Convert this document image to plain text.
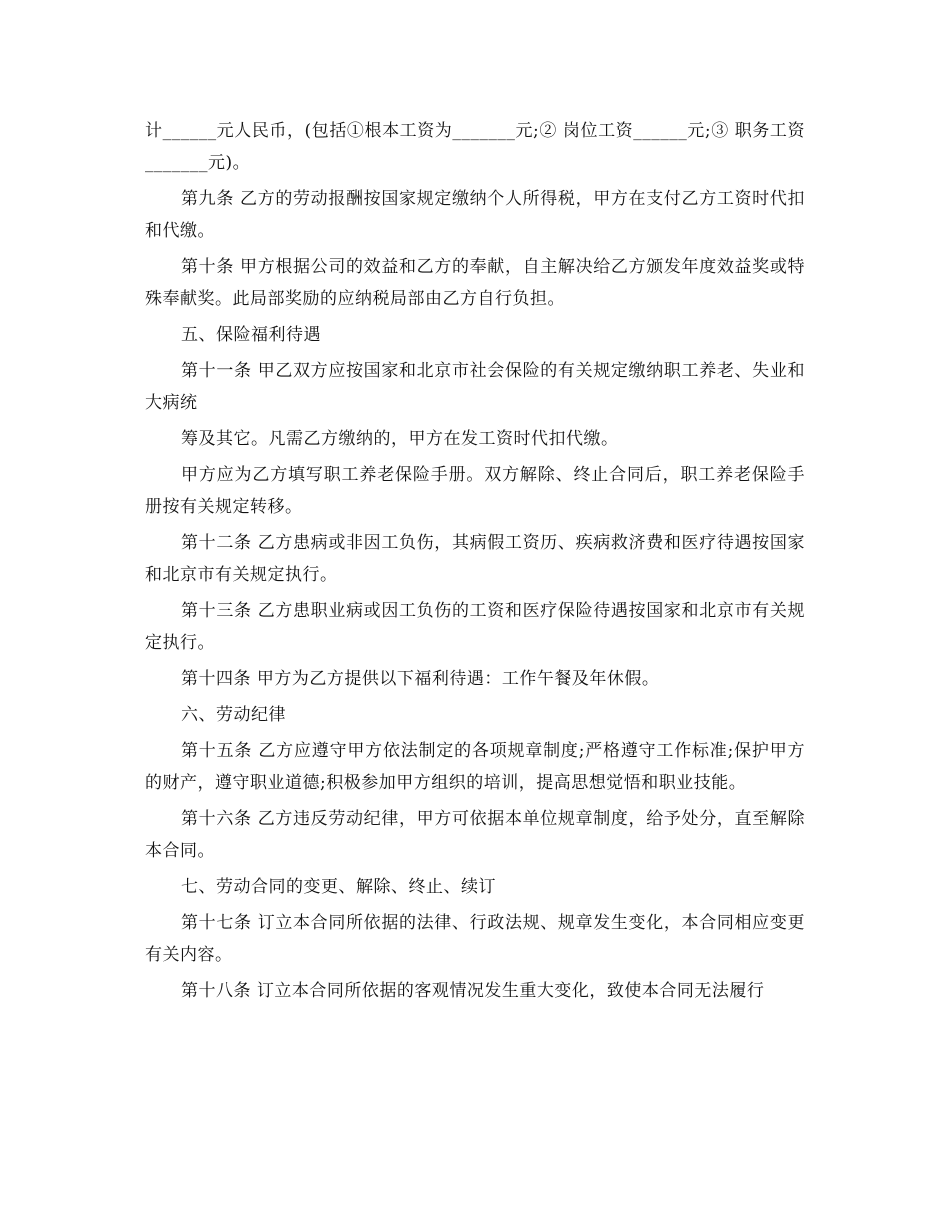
计______元人民币，(包括①根本工资为_______元;② 岗位工资______元;③ 职务工资_______元)。

第九条 乙方的劳动报酬按国家规定缴纳个人所得税，甲方在支付乙方工资时代扣和代缴。

第十条 甲方根据公司的效益和乙方的奉献，自主解决给乙方颁发年度效益奖或特殊奉献奖。此局部奖励的应纳税局部由乙方自行负担。

五、保险福利待遇

第十一条 甲乙双方应按国家和北京市社会保险的有关规定缴纳职工养老、失业和大病统

筹及其它。凡需乙方缴纳的，甲方在发工资时代扣代缴。

甲方应为乙方填写职工养老保险手册。双方解除、终止合同后，职工养老保险手册按有关规定转移。

第十二条 乙方患病或非因工负伤，其病假工资历、疾病救济费和医疗待遇按国家和北京市有关规定执行。

第十三条 乙方患职业病或因工负伤的工资和医疗保险待遇按国家和北京市有关规定执行。

第十四条 甲方为乙方提供以下福利待遇：工作午餐及年休假。

六、劳动纪律

第十五条 乙方应遵守甲方依法制定的各项规章制度;严格遵守工作标准;保护甲方的财产，遵守职业道德;积极参加甲方组织的培训，提高思想觉悟和职业技能。

第十六条 乙方违反劳动纪律，甲方可依据本单位规章制度，给予处分，直至解除本合同。

七、劳动合同的变更、解除、终止、续订

第十七条 订立本合同所依据的法律、行政法规、规章发生变化，本合同相应变更有关内容。

第十八条 订立本合同所依据的客观情况发生重大变化，致使本合同无法履行
